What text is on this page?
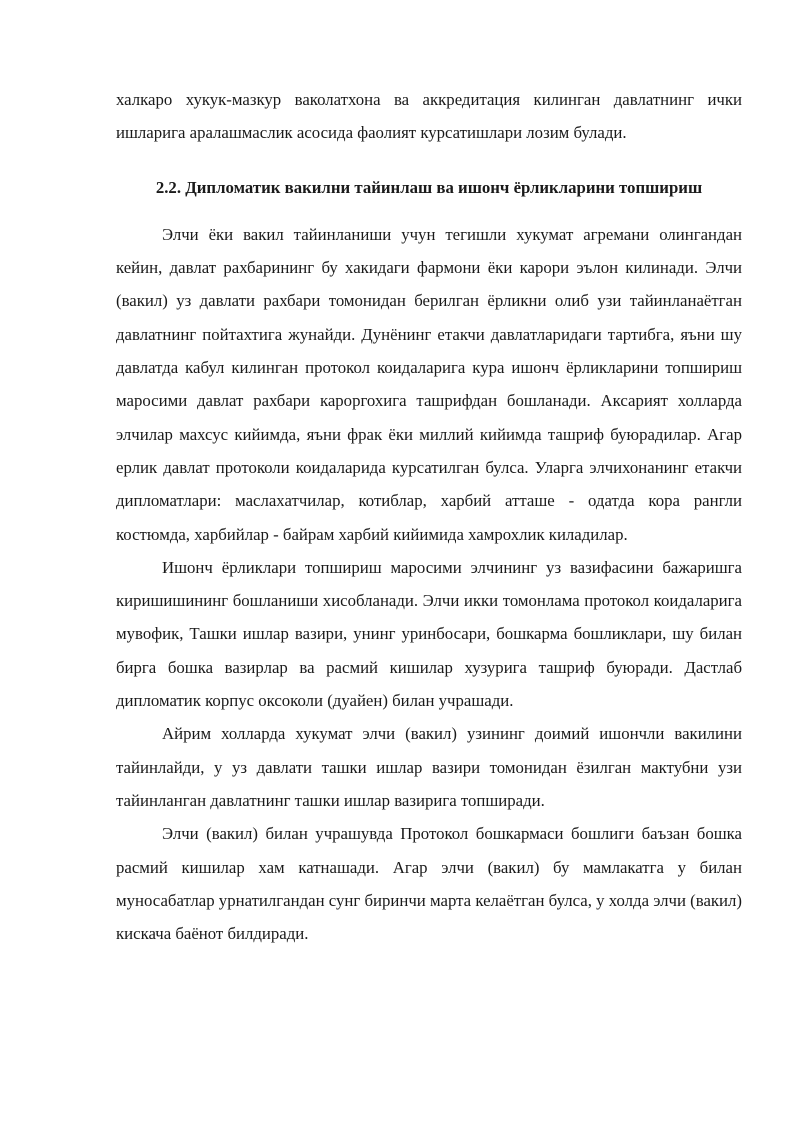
халкаро хукук-мазкур ваколатхона ва аккредитация килинган давлатнинг ички ишларига аралашмаслик асосида фаолият курсатишлари лозим булади.

2.2. Дипломатик вакилни тайинлаш ва ишонч ёрликларини топшириш

Элчи ёки вакил тайинланиши учун тегишли хукумат агремани олингандан кейин, давлат рахбарининг бу хакидаги фармони ёки карори эълон килинади. Элчи (вакил) уз давлати рахбари томонидан берилган ёрликни олиб узи тайинланаётган давлатнинг пойтахтига жунайди. Дунёнинг етакчи давлатларидаги тартибга, яъни шу давлатда кабул килинган протокол коидаларига кура ишонч ёрликларини топшириш маросими давлат рахбари кароргохига ташрифдан бошланади. Аксарият холларда элчилар махсус кийимда, яъни фрак ёки миллий кийимда ташриф буюрадилар. Агар ерлик давлат протоколи коидаларида курсатилган булса. Уларга элчихонанинг етакчи дипломатлари: маслахатчилар, котиблар, харбий атташе - одатда кора рангли костюмда, харбийлар - байрам харбий кийимида хамрохлик киладилар.

Ишонч ёрликлари топшириш маросими элчининг уз вазифасини бажаришга киришишининг бошланиши хисобланади. Элчи икки томонлама протокол коидаларига мувофик, Ташки ишлар вазири, унинг уринбосари, бошкарма бошликлари, шу билан бирга бошка вазирлар ва расмий кишилар хузурига ташриф буюради. Дастлаб дипломатик корпус оксоколи (дуайен) билан учрашади.

Айрим холларда хукумат элчи (вакил) узининг доимий ишончли вакилини тайинлайди, у уз давлати ташки ишлар вазири томонидан ёзилган мактубни узи тайинланган давлатнинг ташки ишлар вазирига топширади.

Элчи (вакил) билан учрашувда Протокол бошкармаси бошлиги баъзан бошка расмий кишилар хам катнашади. Агар элчи (вакил) бу мамлакатга у билан муносабатлар урнатилгандан сунг биринчи марта келаётган булса, у холда элчи (вакил) кискача баёнот билдиради.
